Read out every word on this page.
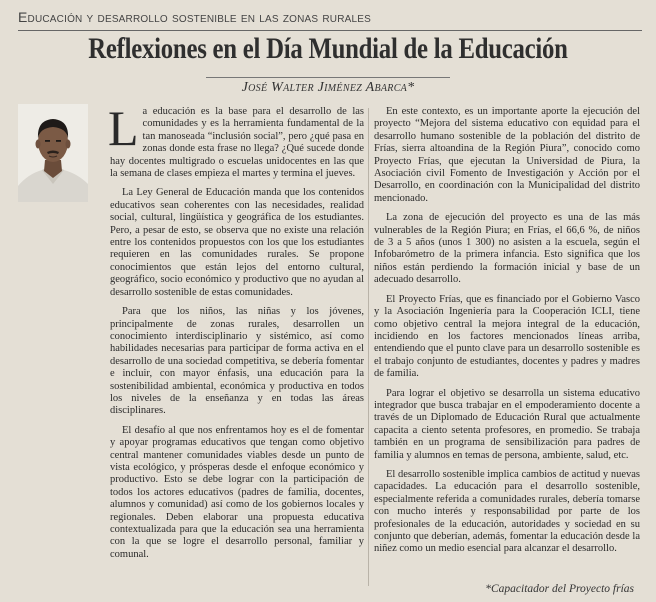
Educación y desarrollo sostenible en las zonas rurales
Reflexiones en el Día Mundial de la Educación
José Walter Jiménez Abarca*

La educación es la base para el desarrollo de las comunidades y es la herramienta fundamental de la tan manoseada “inclusión social”, pero ¿qué pasa en zonas donde esta frase no llega? ¿Qué sucede donde hay docentes multigrado o escuelas unidocentes en las que la semana de clases empieza el martes y termina el jueves.

La Ley General de Educación manda que los contenidos educativos sean coherentes con las necesidades, realidad social, cultural, lingüística y geográfica de los estudiantes. Pero, a pesar de esto, se observa que no existe una relación entre los contenidos propuestos con los que los estudiantes requieren en las comunidades rurales. Se propone conocimientos que están lejos del entorno cultural, geográfico, socio económico y productivo que no ayudan al desarrollo sostenible de estas comunidades.

Para que los niños, las niñas y los jóvenes, principalmente de zonas rurales, desarrollen un conocimiento interdisciplinario y sistémico, así como habilidades necesarias para participar de forma activa en el desarrollo de una sociedad competitiva, se debería fomentar e incluir, con mayor énfasis, una educación para la sostenibilidad ambiental, económica y productiva en todos los niveles de la enseñanza y en todas las áreas disciplinares.

El desafío al que nos enfrentamos hoy es el de fomentar y apoyar programas educativos que tengan como objetivo central mantener comunidades viables desde un punto de vista ecológico, y prósperas desde el enfoque económico y productivo. Esto se debe lograr con la participación de todos los actores educativos (padres de familia, docentes, alumnos y comunidad) así como de los gobiernos locales y regionales. Deben elaborar una propuesta educativa contextualizada para que la educación sea una herramienta con la que se logre el desarrollo personal, familiar y comunal.

En este contexto, es un importante aporte la ejecución del proyecto “Mejora del sistema educativo con equidad para el desarrollo humano sostenible de la población del distrito de Frías, sierra altoandina de la Región Piura”, conocido como Proyecto Frías, que ejecutan la Universidad de Piura, la Asociación civil Fomento de Investigación y Acción por el Desarrollo, en coordinación con la Municipalidad del distrito mencionado.

La zona de ejecución del proyecto es una de las más vulnerables de la Región Piura; en Frías, el 66,6 %, de niños de 3 a 5 años (unos 1 300) no asisten a la escuela, según el Infobarómetro de la primera infancia. Esto significa que los niños están perdiendo la formación inicial y base de un adecuado desarrollo.

El Proyecto Frías, que es financiado por el Gobierno Vasco y la Asociación Ingeniería para la Cooperación ICLI, tiene como objetivo central la mejora integral de la educación, incidiendo en los factores mencionados líneas arriba, entendiendo que el punto clave para un desarrollo sostenible es el trabajo conjunto de estudiantes, docentes y padres y madres de familia.

Para lograr el objetivo se desarrolla un sistema educativo integrador que busca trabajar en el empoderamiento docente a través de un Diplomado de Educación Rural que actualmente capacita a ciento setenta profesores, en promedio. Se trabaja también en un programa de sensibilización para padres de familia y alumnos en temas de persona, ambiente, salud, etc.

El desarrollo sostenible implica cambios de actitud y nuevas capacidades. La educación para el desarrollo sostenible, especialmente referida a comunidades rurales, debería tomarse con mucho interés y responsabilidad por parte de los profesionales de la educación, autoridades y sociedad en su conjunto que deberían, además, fomentar la educación desde la niñez como un medio esencial para alcanzar el desarrollo.

*Capacitador del Proyecto frías
